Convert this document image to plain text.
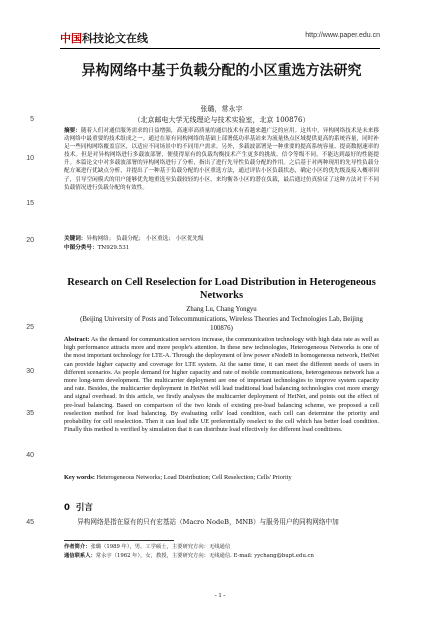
中国科技论文在线	http://www.paper.edu.cn
5
10
15
20
25
30
35
40
45
异构网络中基于负载分配的小区重选方法研究
张璐，常永宇
（北京邮电大学无线理论与技术实验室，北京 100876）
摘要：随着人们对通信服务需求的日益增强，高速率高质量的通信技术有着越来越广泛的应用。这其中，异构网络技术是未来移动网络中最重要的技术组成之一。通过在原有同构网络的基础上部署低功率基站来为流量热点区域提供更高的系统容量，同时补足一些同构网络覆盖盲区，以适应不同场景中的不同用户需求。另外，多载波部署是一种重要的提高系统容量、提高数据速率的技术。但是对异构网络进行多载波部署，便使得原有的负载均衡技术产生更多的挑战。信令等级不同，不能达到最好的性能提升。本篇论文中对多载波部署的异构网络进行了分析，指出了进行先导性负载分配的作用。之后基于对两种现用的先导性负载分配方案进行优缺点分析，并提出了一种基于负载分配的小区重选方法，通过评估小区负载状态，确定小区的优先级及接入概率因子，引导空闲模式的用户能够优先地重选至负载较轻的小区，来均衡各小区的潜在负载，最后通过仿真验证了这种方法对于不同负载情况进行负载分配的有效性。
关键词：异构网络； 负载分配； 小区重选； 小区优先级
中图分类号：TN929.531
Research on Cell Reselection for Load Distribution in Heterogeneous Networks
Zhang Lu, Chang Yongyu
(Beijing University of Posts and Telecommunications, Wireless Theories and Technologies Lab, Beijing 100876)
Abstract: As the demand for communication services increase, the communication technology with high data rate as well as high performance attracts more and more people's attention. In these new technologies, Heterogeneous Networks is one of the most important technology for LTE-A. Through the deployment of low power eNodeB in homogeneous network, HetNet can provide higher capacity and coverage for LTE system. At the same time, it can meet the different needs of users in different scenarios. As people demand for higher capacity and rate of mobile communications, heterogeneous network has a more long-term development. The multicarrier deployment are one of important technologies to improve system capacity and rate. Besides, the multicarrier deployment in HetNet will lead traditional load balancing technologies cost more energy and signal overhead. In this article, we firstly analyses the multicarrier deployment of HetNet, and points out the effect of pre-load balancing. Based on comparison of the two kinds of existing pre-load balancing scheme, we proposed a cell reselection method for load balancing. By evaluating cells' load condition, each cell can determine the priority and probability for cell reselection. Then it can lead idle UE preferentially reselect to the cell which has better load condition. Finally this method is verified by simulation that it can distribute load effectively for different load conditions.
Key words: Heterogeneous Networks; Load Distribution; Cell Reselection; Cells' Priority
0 引言
异构网络是指在原有的只有宏基站（Macro NodeB，MNB）与服务用户的同构网络中加
作者简介：张璐（1989 年），男，工学硕士，主要研究方向：无线通信
通信联系人：常永宇（1962 年），女，教授，主要研究方向：无线通信. E-mail: yychang@bupt.edu.cn
- 1 -
